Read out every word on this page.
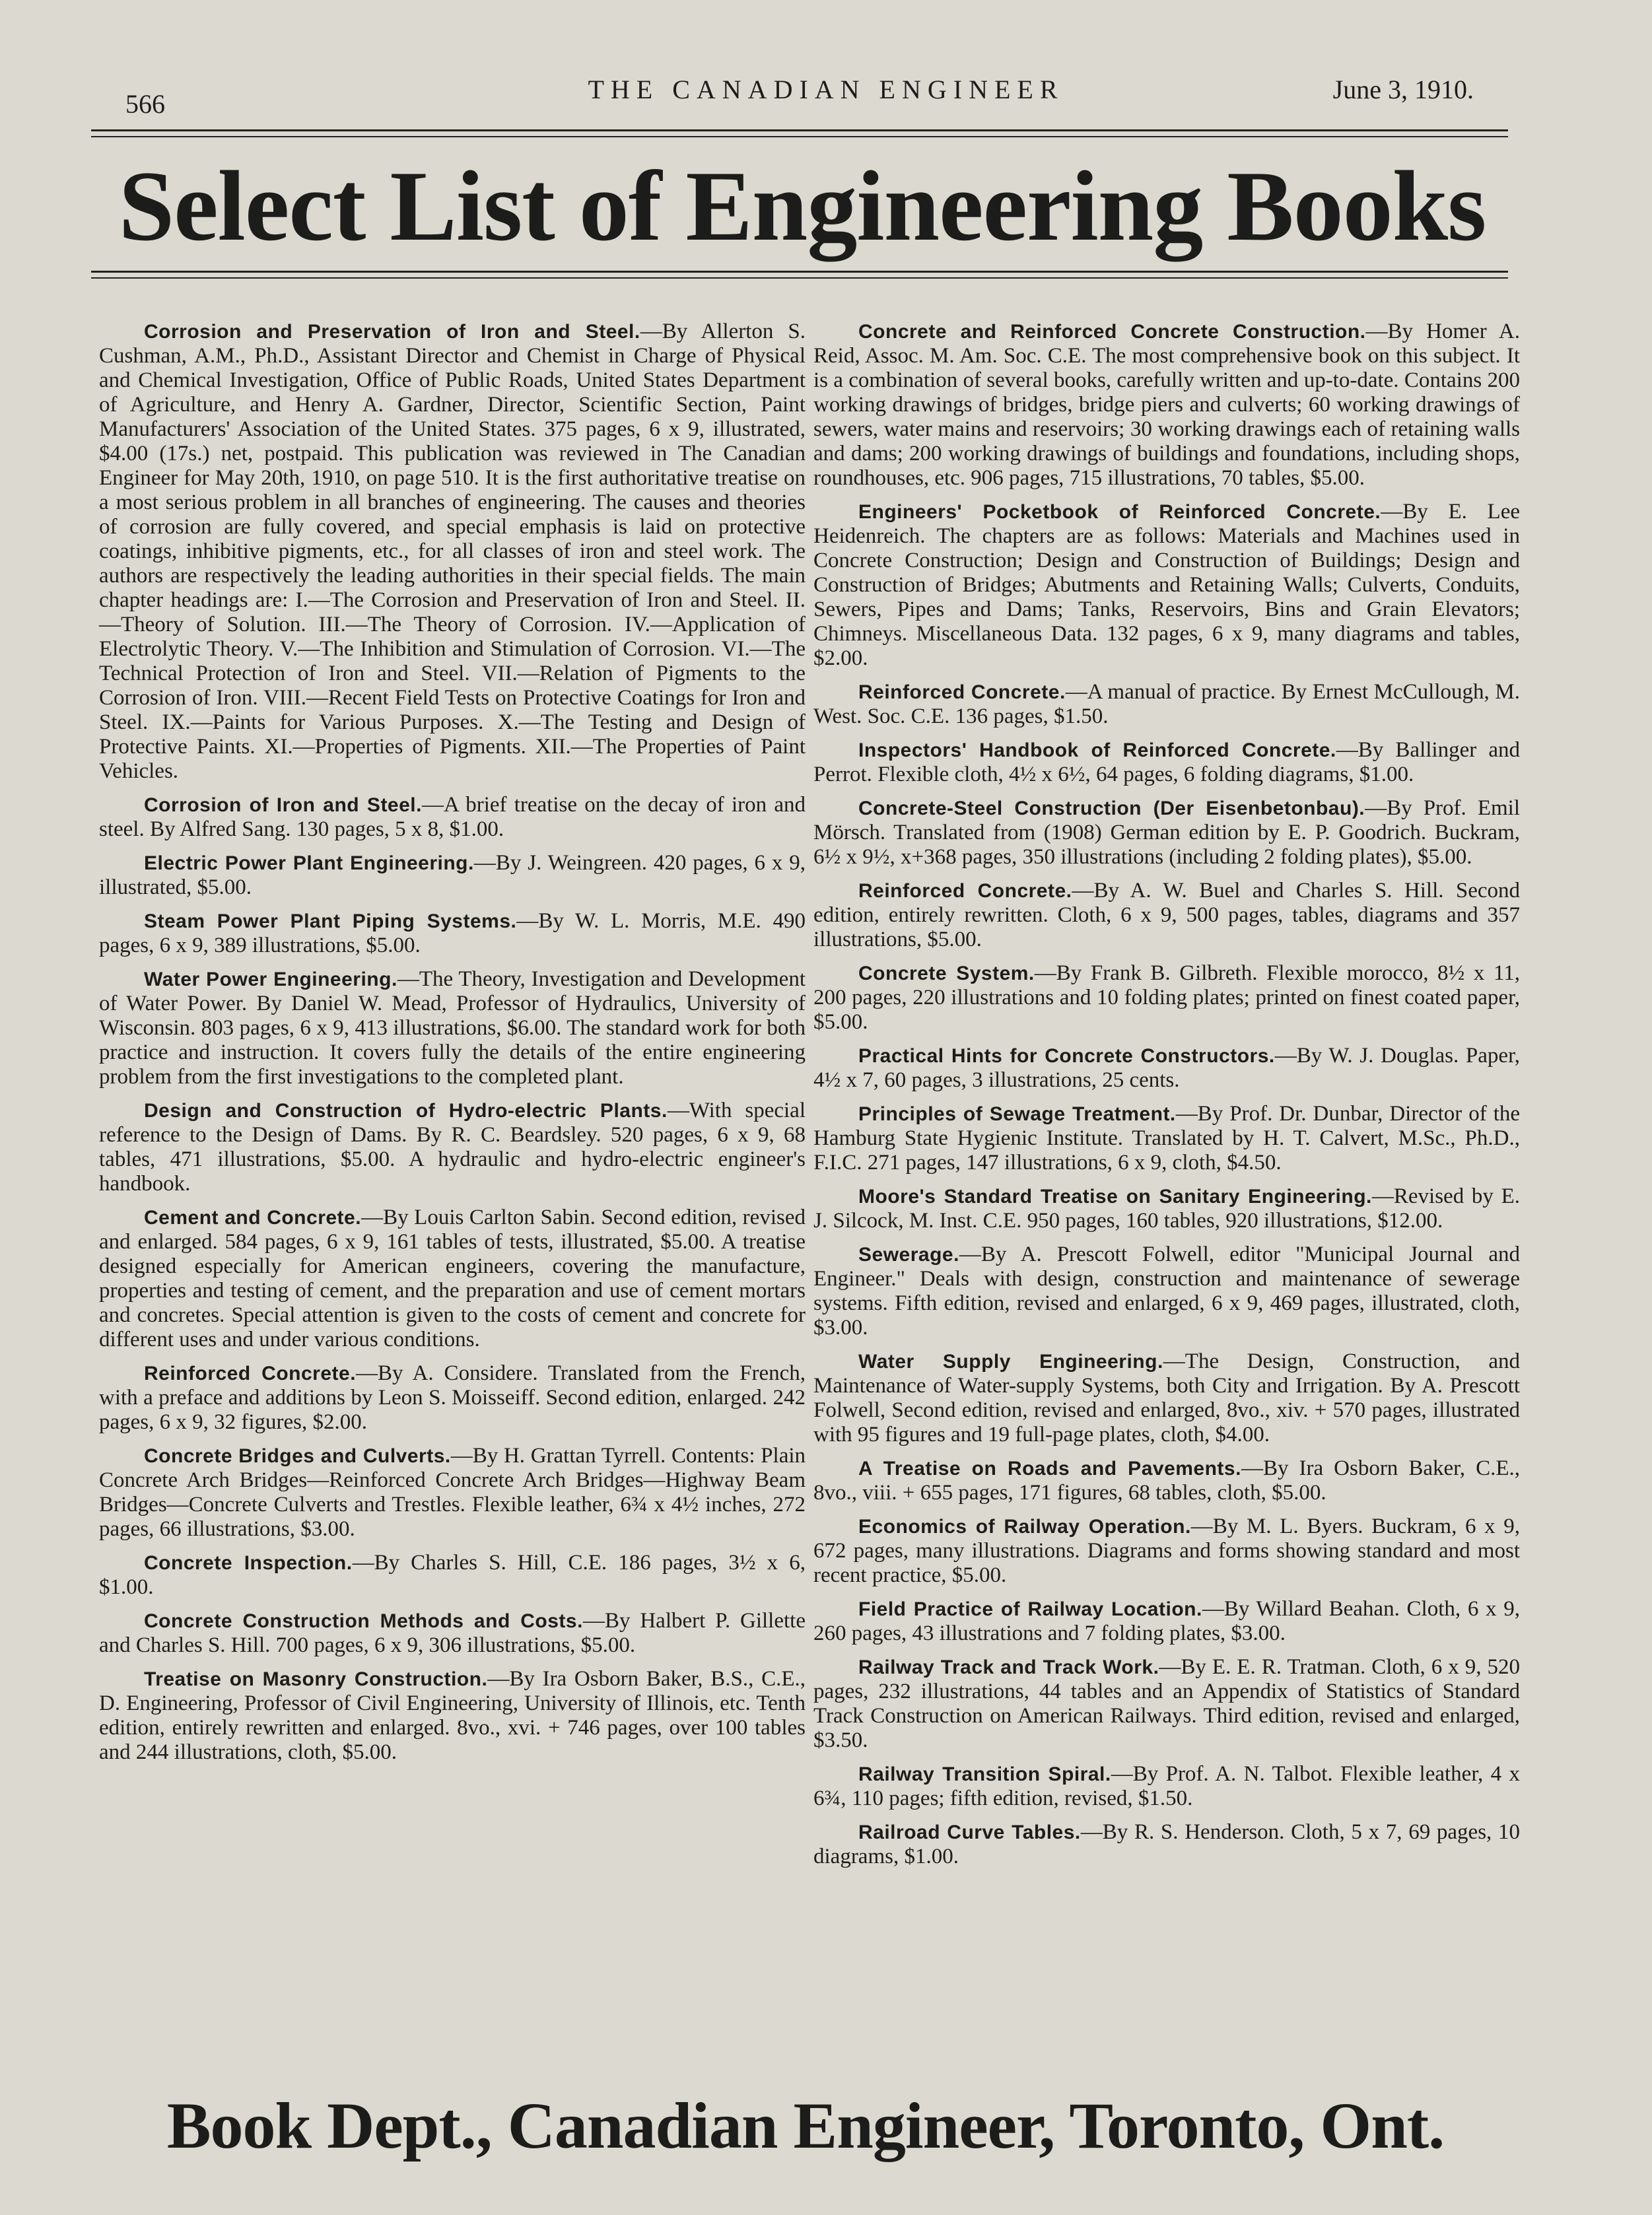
566	THE CANADIAN ENGINEER	June 3, 1910.
Select List of Engineering Books

Corrosion and Preservation of Iron and Steel.—By Allerton S. Cushman, A.M., Ph.D., Assistant Director and Chemist in Charge of Physical and Chemical Investigation, Office of Public Roads, United States Department of Agriculture, and Henry A. Gardner, Director, Scientific Section, Paint Manufacturers' Association of the United States. 375 pages, 6 x 9, illustrated, $4.00 (17s.) net, postpaid. This publication was reviewed in The Canadian Engineer for May 20th, 1910, on page 510. It is the first authoritative treatise on a most serious problem in all branches of engineering. The causes and theories of corrosion are fully covered, and special emphasis is laid on protective coatings, inhibitive pigments, etc., for all classes of iron and steel work. The authors are respectively the leading authorities in their special fields. The main chapter headings are: I.—The Corrosion and Preservation of Iron and Steel. II.—Theory of Solution. III.—The Theory of Corrosion. IV.—Application of Electrolytic Theory. V.—The Inhibition and Stimulation of Corrosion. VI.—The Technical Protection of Iron and Steel. VII.—Relation of Pigments to the Corrosion of Iron. VIII.—Recent Field Tests on Protective Coatings for Iron and Steel. IX.—Paints for Various Purposes. X.—The Testing and Design of Protective Paints. XI.—Properties of Pigments. XII.—The Properties of Paint Vehicles.

Corrosion of Iron and Steel.—A brief treatise on the decay of iron and steel. By Alfred Sang. 130 pages, 5 x 8, $1.00.

Electric Power Plant Engineering.—By J. Weingreen. 420 pages, 6 x 9, illustrated, $5.00.

Steam Power Plant Piping Systems.—By W. L. Morris, M.E. 490 pages, 6 x 9, 389 illustrations, $5.00.

Water Power Engineering.—The Theory, Investigation and Development of Water Power. By Daniel W. Mead, Professor of Hydraulics, University of Wisconsin. 803 pages, 6 x 9, 413 illustrations, $6.00. The standard work for both practice and instruction. It covers fully the details of the entire engineering problem from the first investigations to the completed plant.

Design and Construction of Hydro-electric Plants.—With special reference to the Design of Dams. By R. C. Beardsley. 520 pages, 6 x 9, 68 tables, 471 illustrations, $5.00. A hydraulic and hydro-electric engineer's handbook.

Cement and Concrete.—By Louis Carlton Sabin. Second edition, revised and enlarged. 584 pages, 6 x 9, 161 tables of tests, illustrated, $5.00. A treatise designed especially for American engineers, covering the manufacture, properties and testing of cement, and the preparation and use of cement mortars and concretes. Special attention is given to the costs of cement and concrete for different uses and under various conditions.

Reinforced Concrete.—By A. Considere. Translated from the French, with a preface and additions by Leon S. Moisseiff. Second edition, enlarged. 242 pages, 6 x 9, 32 figures, $2.00.

Concrete Bridges and Culverts.—By H. Grattan Tyrrell. Contents: Plain Concrete Arch Bridges—Reinforced Concrete Arch Bridges—Highway Beam Bridges—Concrete Culverts and Trestles. Flexible leather, 6¾ x 4½ inches, 272 pages, 66 illustrations, $3.00.

Concrete Inspection.—By Charles S. Hill, C.E. 186 pages, 3½ x 6, $1.00.

Concrete Construction Methods and Costs.—By Halbert P. Gillette and Charles S. Hill. 700 pages, 6 x 9, 306 illustrations, $5.00.

Treatise on Masonry Construction.—By Ira Osborn Baker, B.S., C.E., D. Engineering, Professor of Civil Engineering, University of Illinois, etc. Tenth edition, entirely rewritten and enlarged. 8vo., xvi. + 746 pages, over 100 tables and 244 illustrations, cloth, $5.00.

Concrete and Reinforced Concrete Construction.—By Homer A. Reid, Assoc. M. Am. Soc. C.E. The most comprehensive book on this subject. It is a combination of several books, carefully written and up-to-date. Contains 200 working drawings of bridges, bridge piers and culverts; 60 working drawings of sewers, water mains and reservoirs; 30 working drawings each of retaining walls and dams; 200 working drawings of buildings and foundations, including shops, roundhouses, etc. 906 pages, 715 illustrations, 70 tables, $5.00.

Engineers' Pocketbook of Reinforced Concrete.—By E. Lee Heidenreich. The chapters are as follows: Materials and Machines used in Concrete Construction; Design and Construction of Buildings; Design and Construction of Bridges; Abutments and Retaining Walls; Culverts, Conduits, Sewers, Pipes and Dams; Tanks, Reservoirs, Bins and Grain Elevators; Chimneys. Miscellaneous Data. 132 pages, 6 x 9, many diagrams and tables, $2.00.

Reinforced Concrete.—A manual of practice. By Ernest McCullough, M. West. Soc. C.E. 136 pages, $1.50.

Inspectors' Handbook of Reinforced Concrete.—By Ballinger and Perrot. Flexible cloth, 4½ x 6½, 64 pages, 6 folding diagrams, $1.00.

Concrete-Steel Construction (Der Eisenbetonbau).—By Prof. Emil Mörsch. Translated from (1908) German edition by E. P. Goodrich. Buckram, 6½ x 9½, x+368 pages, 350 illustrations (including 2 folding plates), $5.00.

Reinforced Concrete.—By A. W. Buel and Charles S. Hill. Second edition, entirely rewritten. Cloth, 6 x 9, 500 pages, tables, diagrams and 357 illustrations, $5.00.

Concrete System.—By Frank B. Gilbreth. Flexible morocco, 8½ x 11, 200 pages, 220 illustrations and 10 folding plates; printed on finest coated paper, $5.00.

Practical Hints for Concrete Constructors.—By W. J. Douglas. Paper, 4½ x 7, 60 pages, 3 illustrations, 25 cents.

Principles of Sewage Treatment.—By Prof. Dr. Dunbar, Director of the Hamburg State Hygienic Institute. Translated by H. T. Calvert, M.Sc., Ph.D., F.I.C. 271 pages, 147 illustrations, 6 x 9, cloth, $4.50.

Moore's Standard Treatise on Sanitary Engineering.—Revised by E. J. Silcock, M. Inst. C.E. 950 pages, 160 tables, 920 illustrations, $12.00.

Sewerage.—By A. Prescott Folwell, editor "Municipal Journal and Engineer." Deals with design, construction and maintenance of sewerage systems. Fifth edition, revised and enlarged, 6 x 9, 469 pages, illustrated, cloth, $3.00.

Water Supply Engineering.—The Design, Construction, and Maintenance of Water-supply Systems, both City and Irrigation. By A. Prescott Folwell, Second edition, revised and enlarged, 8vo., xiv. + 570 pages, illustrated with 95 figures and 19 full-page plates, cloth, $4.00.

A Treatise on Roads and Pavements.—By Ira Osborn Baker, C.E., 8vo., viii. + 655 pages, 171 figures, 68 tables, cloth, $5.00.

Economics of Railway Operation.—By M. L. Byers. Buckram, 6 x 9, 672 pages, many illustrations. Diagrams and forms showing standard and most recent practice, $5.00.

Field Practice of Railway Location.—By Willard Beahan. Cloth, 6 x 9, 260 pages, 43 illustrations and 7 folding plates, $3.00.

Railway Track and Track Work.—By E. E. R. Tratman. Cloth, 6 x 9, 520 pages, 232 illustrations, 44 tables and an Appendix of Statistics of Standard Track Construction on American Railways. Third edition, revised and enlarged, $3.50.

Railway Transition Spiral.—By Prof. A. N. Talbot. Flexible leather, 4 x 6¾, 110 pages; fifth edition, revised, $1.50.

Railroad Curve Tables.—By R. S. Henderson. Cloth, 5 x 7, 69 pages, 10 diagrams, $1.00.

Book Dept., Canadian Engineer, Toronto, Ont.
